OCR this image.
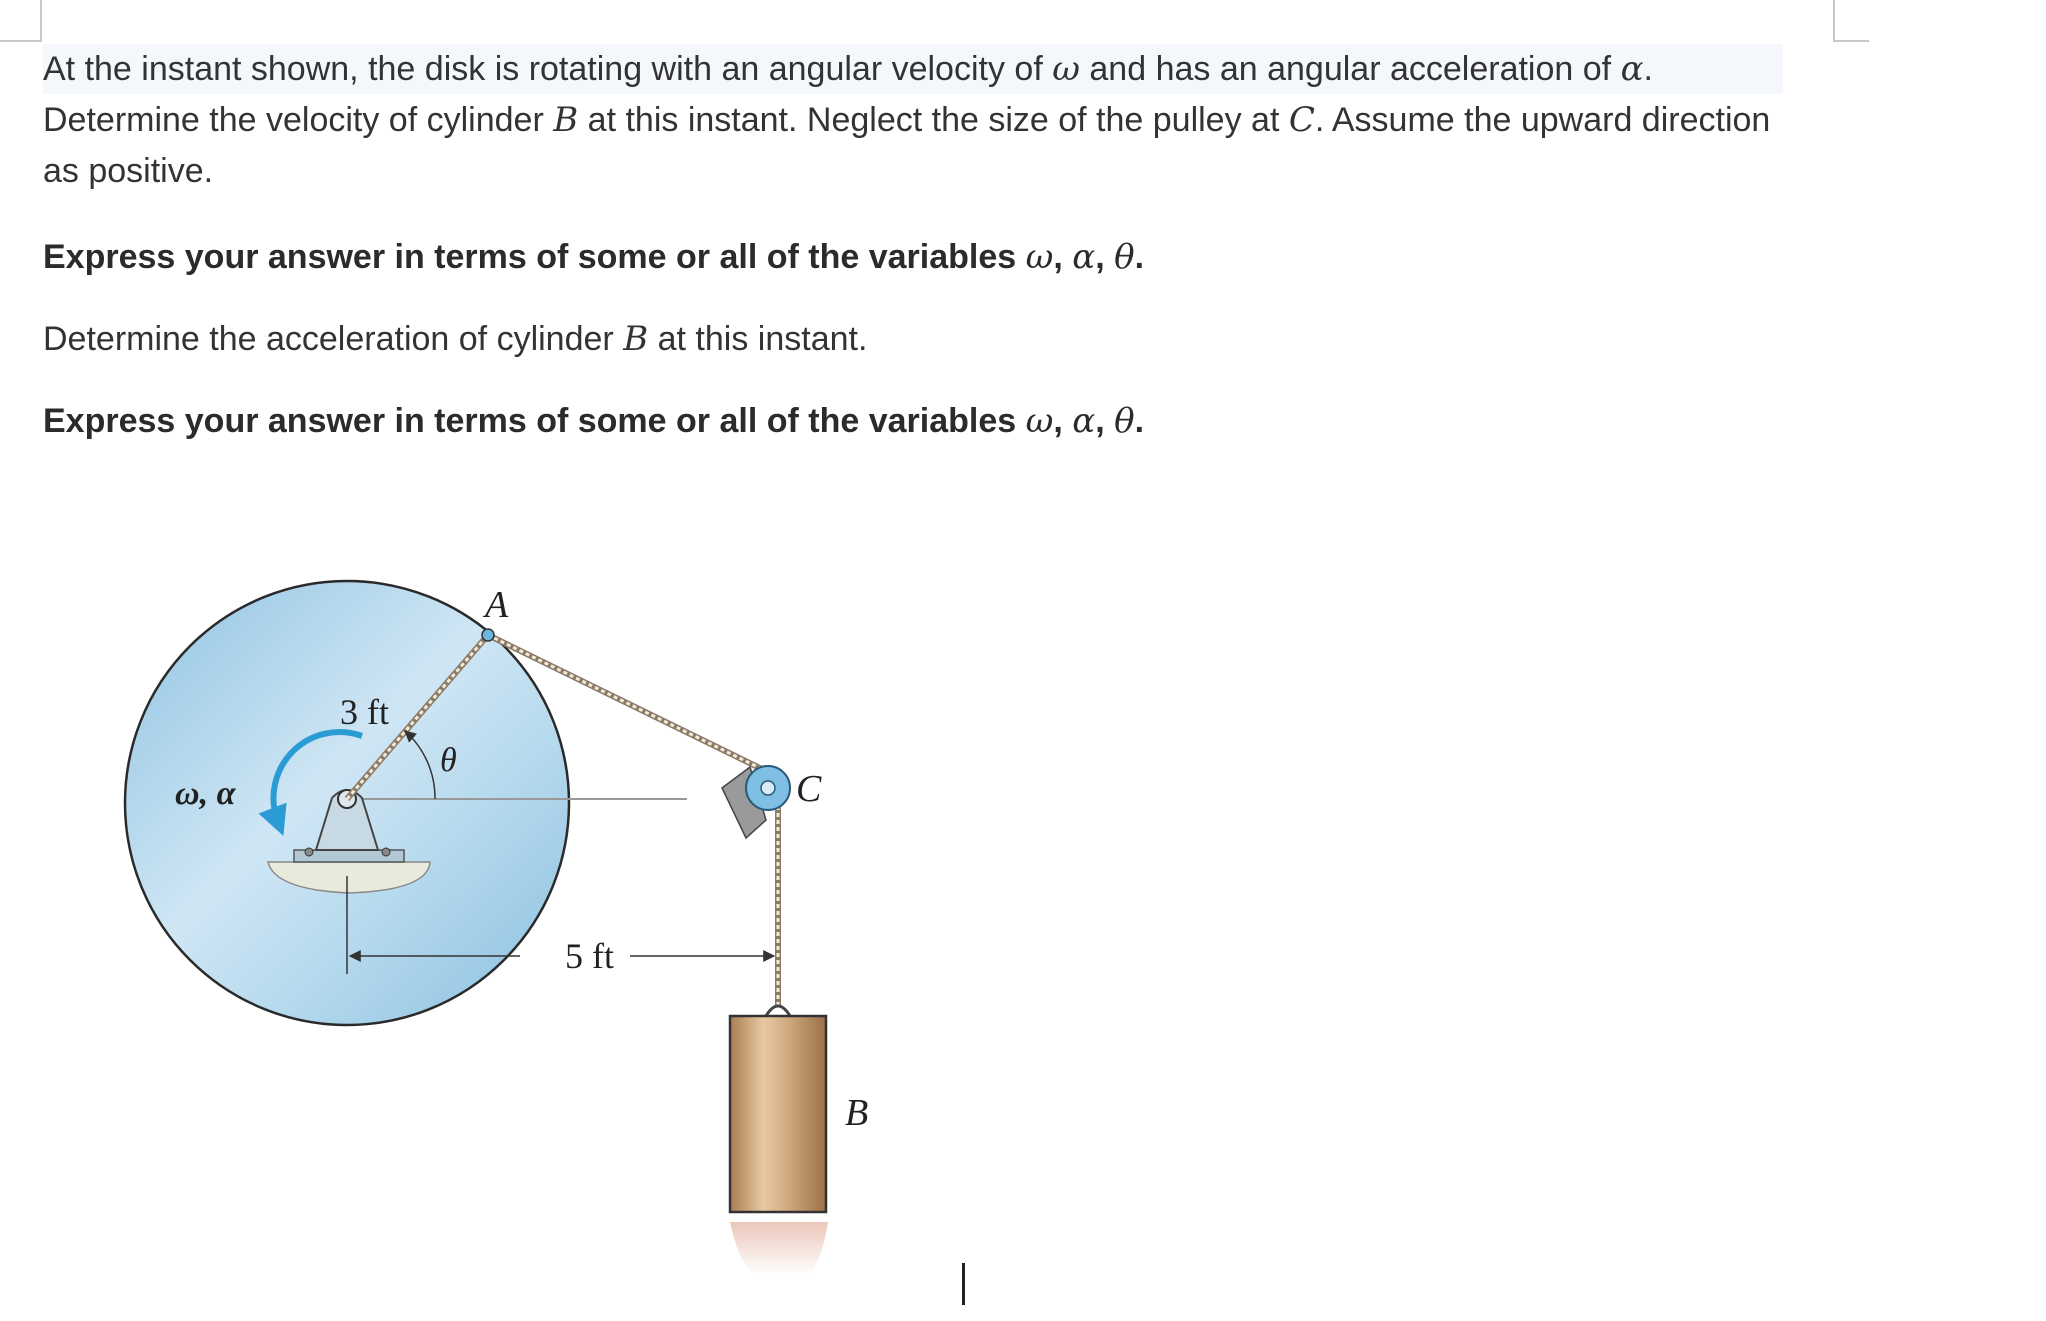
At the instant shown, the disk is rotating with an angular velocity of ω and has an angular acceleration of α. Determine the velocity of cylinder B at this instant. Neglect the size of the pulley at C. Assume the upward direction as positive.

Express your answer in terms of some or all of the variables ω, α, θ.

Determine the acceleration of cylinder B at this instant.

Express your answer in terms of some or all of the variables ω, α, θ.

A
3 ft
θ
ω, α	C
5 ft
B
